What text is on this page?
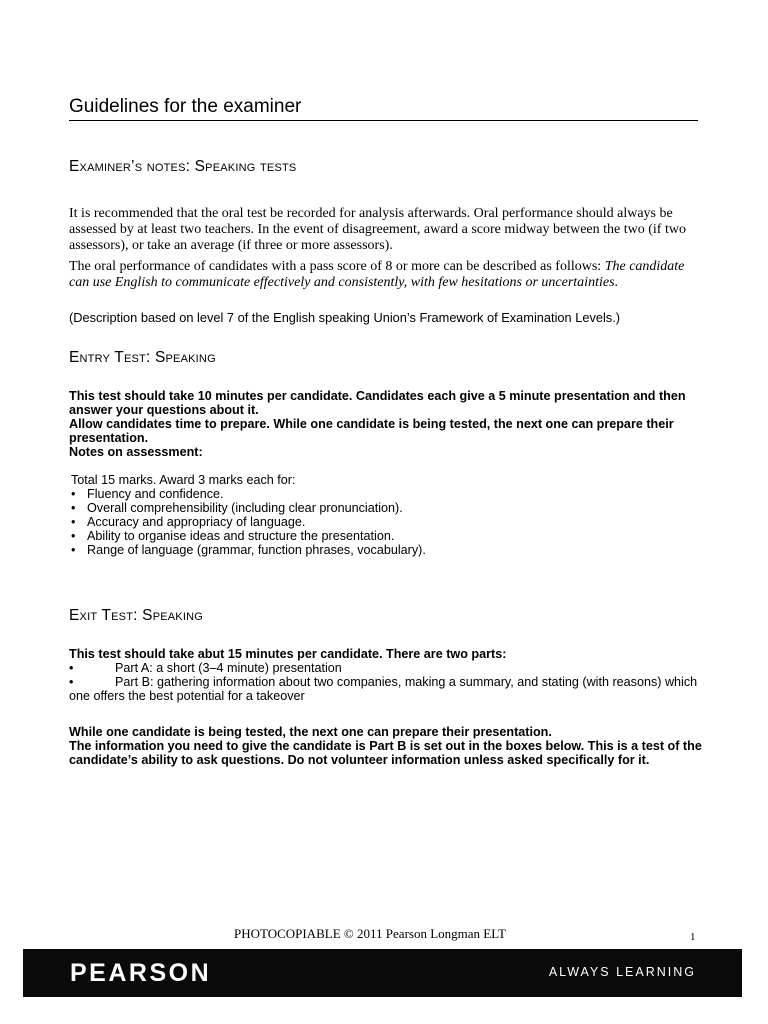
Guidelines for the examiner
Examiner’s notes: Speaking tests
It is recommended that the oral test be recorded for analysis afterwards. Oral performance should always be assessed by at least two teachers. In the event of disagreement, award a score midway between the two (if two assessors), or take an average (if three or more assessors).
The oral performance of candidates with a pass score of 8 or more can be described as follows: The candidate can use English to communicate effectively and consistently, with few hesitations or uncertainties.
(Description based on level 7 of the English speaking Union’s Framework of Examination Levels.)
Entry Test: Speaking

This test should take 10 minutes per candidate. Candidates each give a 5 minute presentation and then answer your questions about it.

Allow candidates time to prepare. While one candidate is being tested, the next one can prepare their presentation.

Notes on assessment:

Total 15 marks. Award 3 marks each for:
• Fluency and confidence.
• Overall comprehensibility (including clear pronunciation).
• Accuracy and appropriacy of language.
• Ability to organise ideas and structure the presentation.
• Range of language (grammar, function phrases, vocabulary).
Exit Test: Speaking
This test should take abut 15 minutes per candidate. There are two parts:
•	Part A: a short (3–4 minute) presentation
•	Part B: gathering information about two companies, making a summary, and stating (with reasons) which one offers the best potential for a takeover

While one candidate is being tested, the next one can prepare their presentation.

The information you need to give the candidate is Part B is set out in the boxes below. This is a test of the candidate’s ability to ask questions. Do not volunteer information unless asked specifically for it.

PHOTOCOPIABLE © 2011 Pearson Longman ELT	1
PEARSON	ALWAYS LEARNING
